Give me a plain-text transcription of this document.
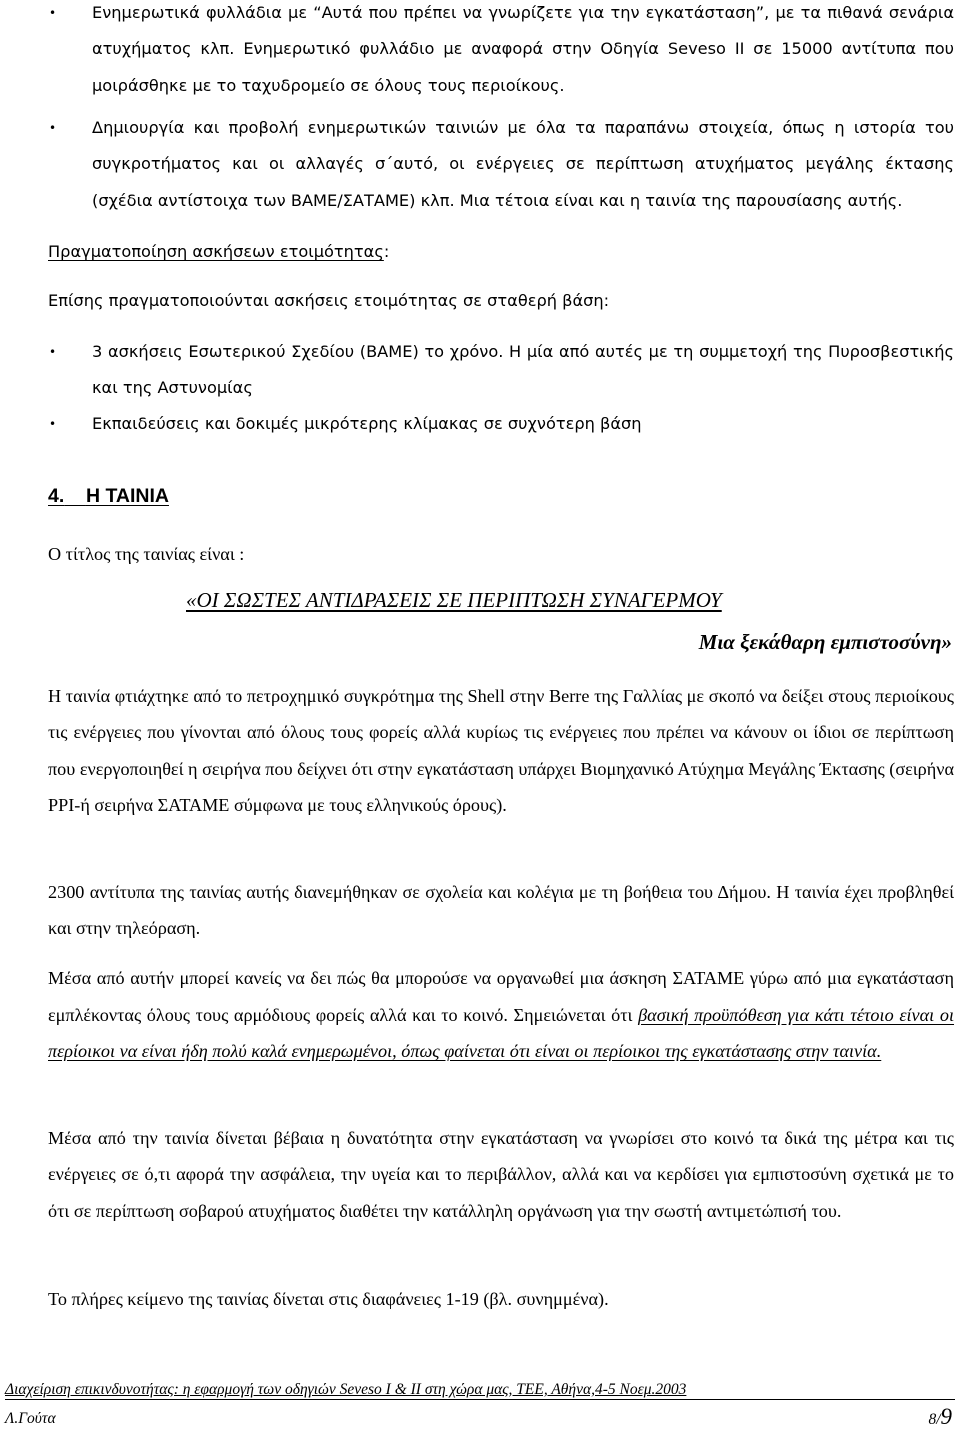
• Ενημερωτικά φυλλάδια με “Αυτά που πρέπει να γνωρίζετε για την εγκατάσταση”, με τα πιθανά σενάρια ατυχήματος κλπ. Ενημερωτικό φυλλάδιο με αναφορά στην Οδηγία Seveso II σε 15000 αντίτυπα που μοιράσθηκε με το ταχυδρομείο σε όλους τους περιοίκους.
• Δημιουργία και προβολή ενημερωτικών ταινιών με όλα τα παραπάνω στοιχεία, όπως η ιστορία του συγκροτήματος και οι αλλαγές σ΄αυτό, οι ενέργειες σε περίπτωση ατυχήματος μεγάλης έκτασης (σχέδια αντίστοιχα των ΒΑΜΕ/ΣΑΤΑΜΕ) κλπ. Μια τέτοια είναι και η ταινία της παρουσίασης αυτής.
Πραγματοποίηση ασκήσεων ετοιμότητας:
Επίσης πραγματοποιούνται ασκήσεις ετοιμότητας σε σταθερή βάση:
• 3 ασκήσεις Εσωτερικού Σχεδίου (ΒΑΜΕ) το χρόνο. Η μία από αυτές με τη συμμετοχή της Πυροσβεστικής και της Αστυνομίας
• Εκπαιδεύσεις και δοκιμές μικρότερης κλίμακας σε συχνότερη βάση
4. Η ΤΑΙΝΙΑ
Ο τίτλος της ταινίας είναι :
«ΟΙ ΣΩΣΤΕΣ ΑΝΤΙΔΡΑΣΕΙΣ ΣΕ ΠΕΡΙΠΤΩΣΗ ΣΥΝΑΓΕΡΜΟΥ
Μια ξεκάθαρη εμπιστοσύνη»
Η ταινία φτιάχτηκε από το πετροχημικό συγκρότημα της Shell στην Berre της Γαλλίας με σκοπό να δείξει στους περιοίκους τις ενέργειες που γίνονται από όλους τους φορείς αλλά κυρίως τις ενέργειες που πρέπει να κάνουν οι ίδιοι σε περίπτωση που ενεργοποιηθεί η σειρήνα που δείχνει ότι στην εγκατάσταση υπάρχει Βιομηχανικό Ατύχημα Μεγάλης Έκτασης (σειρήνα PPI-ή σειρήνα ΣΑΤΑΜΕ σύμφωνα με τους ελληνικούς όρους).
2300 αντίτυπα της ταινίας αυτής διανεμήθηκαν σε σχολεία και κολέγια με τη βοήθεια του Δήμου. Η ταινία έχει προβληθεί και στην τηλεόραση.
Μέσα από αυτήν μπορεί κανείς να δει πώς θα μπορούσε να οργανωθεί μια άσκηση ΣΑΤΑΜΕ γύρω από μια εγκατάσταση εμπλέκοντας όλους τους αρμόδιους φορείς αλλά και το κοινό. Σημειώνεται ότι βασική προϋπόθεση για κάτι τέτοιο είναι οι περίοικοι να είναι ήδη πολύ καλά ενημερωμένοι, όπως φαίνεται ότι είναι οι περίοικοι της εγκατάστασης στην ταινία.
Μέσα από την ταινία δίνεται βέβαια η δυνατότητα στην εγκατάσταση να γνωρίσει στο κοινό τα δικά της μέτρα και τις ενέργειες σε ό,τι αφορά την ασφάλεια, την υγεία και το περιβάλλον, αλλά και να κερδίσει για εμπιστοσύνη σχετικά με το ότι σε περίπτωση σοβαρού ατυχήματος διαθέτει την κατάλληλη οργάνωση για την σωστή αντιμετώπισή του.
Το πλήρες κείμενο της ταινίας δίνεται στις διαφάνειες 1-19 (βλ. συνημμένα).
Διαχείριση επικινδυνοτήτας: η εφαρμογή των οδηγιών Seveso I & II στη χώρα μας, ΤΕΕ, Αθήνα,4-5 Νοεμ.2003
Λ.Γούτα	8/9
